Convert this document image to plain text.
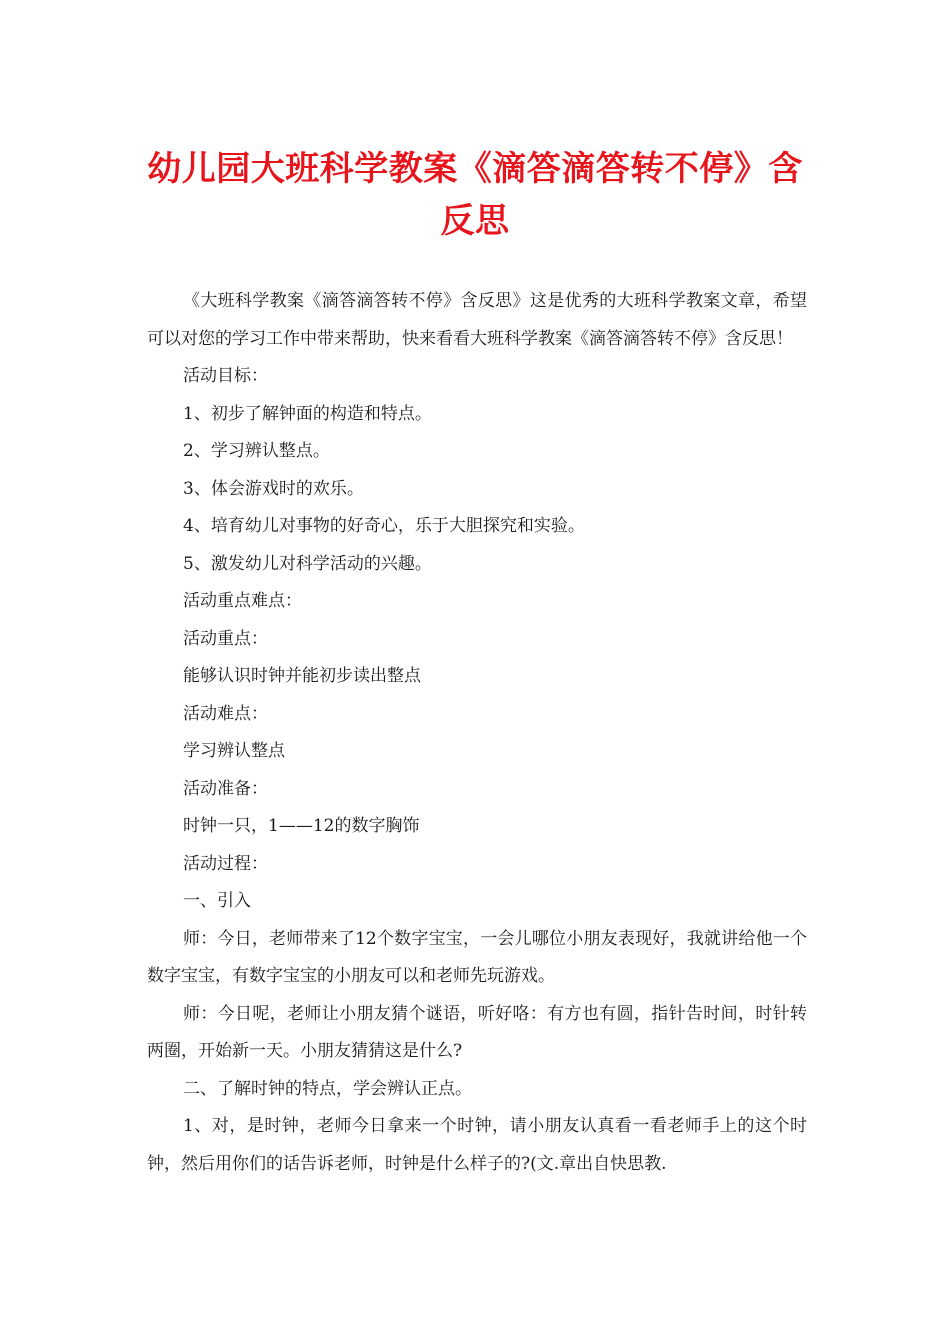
幼儿园大班科学教案《滴答滴答转不停》含反思

《大班科学教案《滴答滴答转不停》含反思》这是优秀的大班科学教案文章，希望可以对您的学习工作中带来帮助，快来看看大班科学教案《滴答滴答转不停》含反思！

活动目标：

1、初步了解钟面的构造和特点。

2、学习辨认整点。

3、体会游戏时的欢乐。

4、培育幼儿对事物的好奇心，乐于大胆探究和实验。

5、激发幼儿对科学活动的兴趣。

活动重点难点：

活动重点：

能够认识时钟并能初步读出整点

活动难点：

学习辨认整点

活动准备：

时钟一只，1——12的数字胸饰

活动过程：

一、引入

师：今日，老师带来了12个数字宝宝，一会儿哪位小朋友表现好，我就讲给他一个数字宝宝，有数字宝宝的小朋友可以和老师先玩游戏。

师：今日呢，老师让小朋友猜个谜语，听好咯：有方也有圆，指针告时间，时针转两圈，开始新一天。小朋友猜猜这是什么?

二、了解时钟的特点，学会辨认正点。

1、对，是时钟，老师今日拿来一个时钟，请小朋友认真看一看老师手上的这个时钟，然后用你们的话告诉老师，时钟是什么样子的?(文.章出自快思教.
